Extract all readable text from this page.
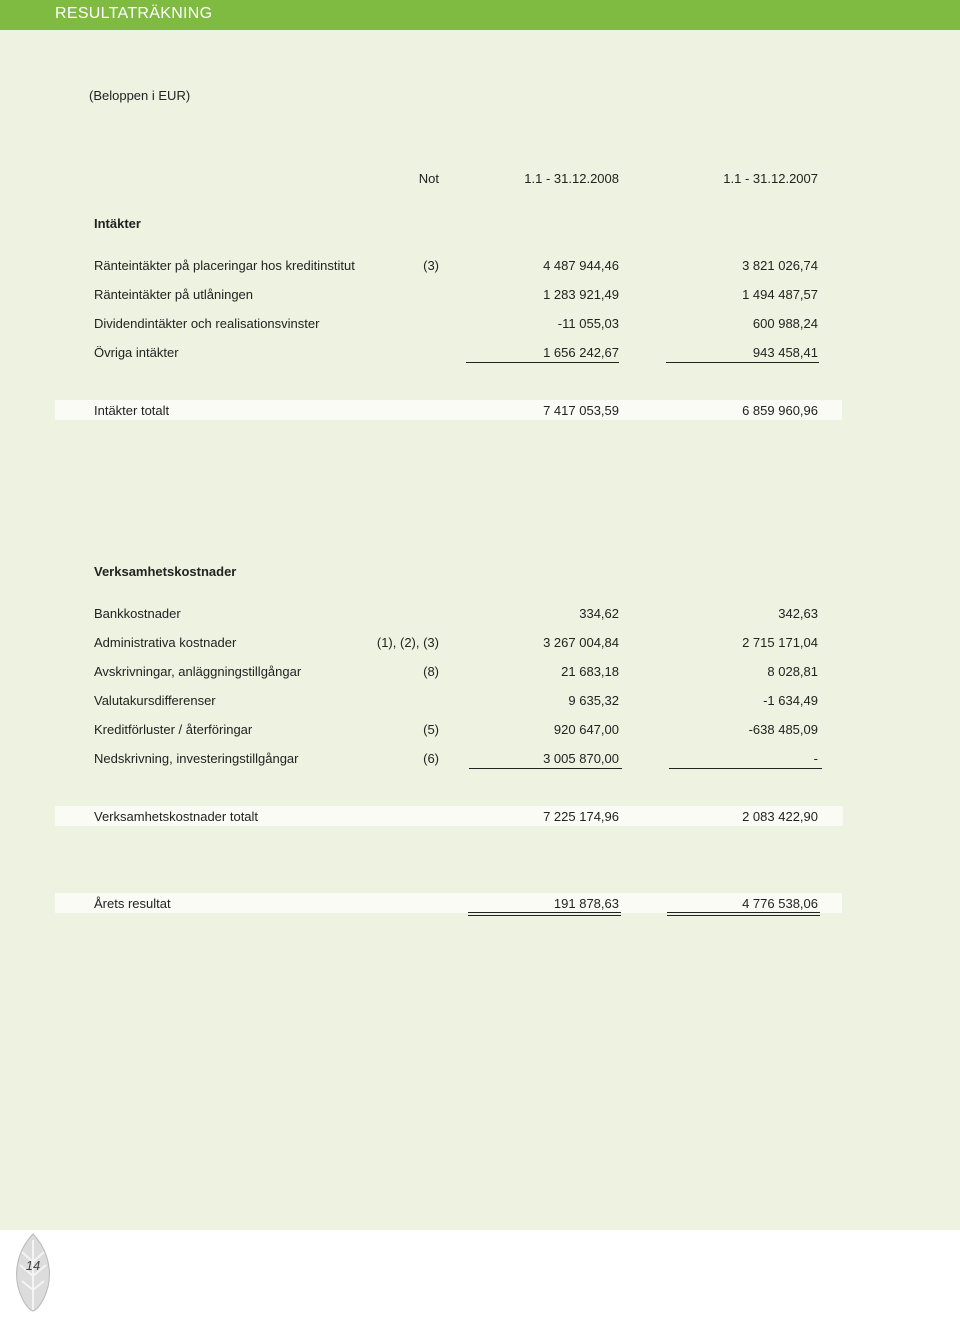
RESULTATRÄKNING
(Beloppen i EUR)
Not	1.1 - 31.12.2008	1.1 - 31.12.2007
Intäkter
Ränteintäkter på placeringar hos kreditinstitut	(3)	4 487 944,46	3 821 026,74
Ränteintäkter på utlåningen	1 283 921,49	1 494 487,57
Dividendintäkter och realisationsvinster	-11 055,03	600 988,24
Övriga intäkter	1 656 242,67	943 458,41
Intäkter totalt	7 417 053,59	6 859 960,96
Verksamhetskostnader
Bankkostnader	334,62	342,63
Administrativa kostnader	(1), (2), (3)	3 267 004,84	2 715 171,04
Avskrivningar, anläggningstillgångar	(8)	21 683,18	8 028,81
Valutakursdifferenser	9 635,32	-1 634,49
Kreditförluster / återföringar	(5)	920 647,00	-638 485,09
Nedskrivning, investeringstillgångar	(6)	3 005 870,00	-
Verksamhetskostnader totalt	7 225 174,96	2 083 422,90
Årets resultat	191 878,63	4 776 538,06
14
